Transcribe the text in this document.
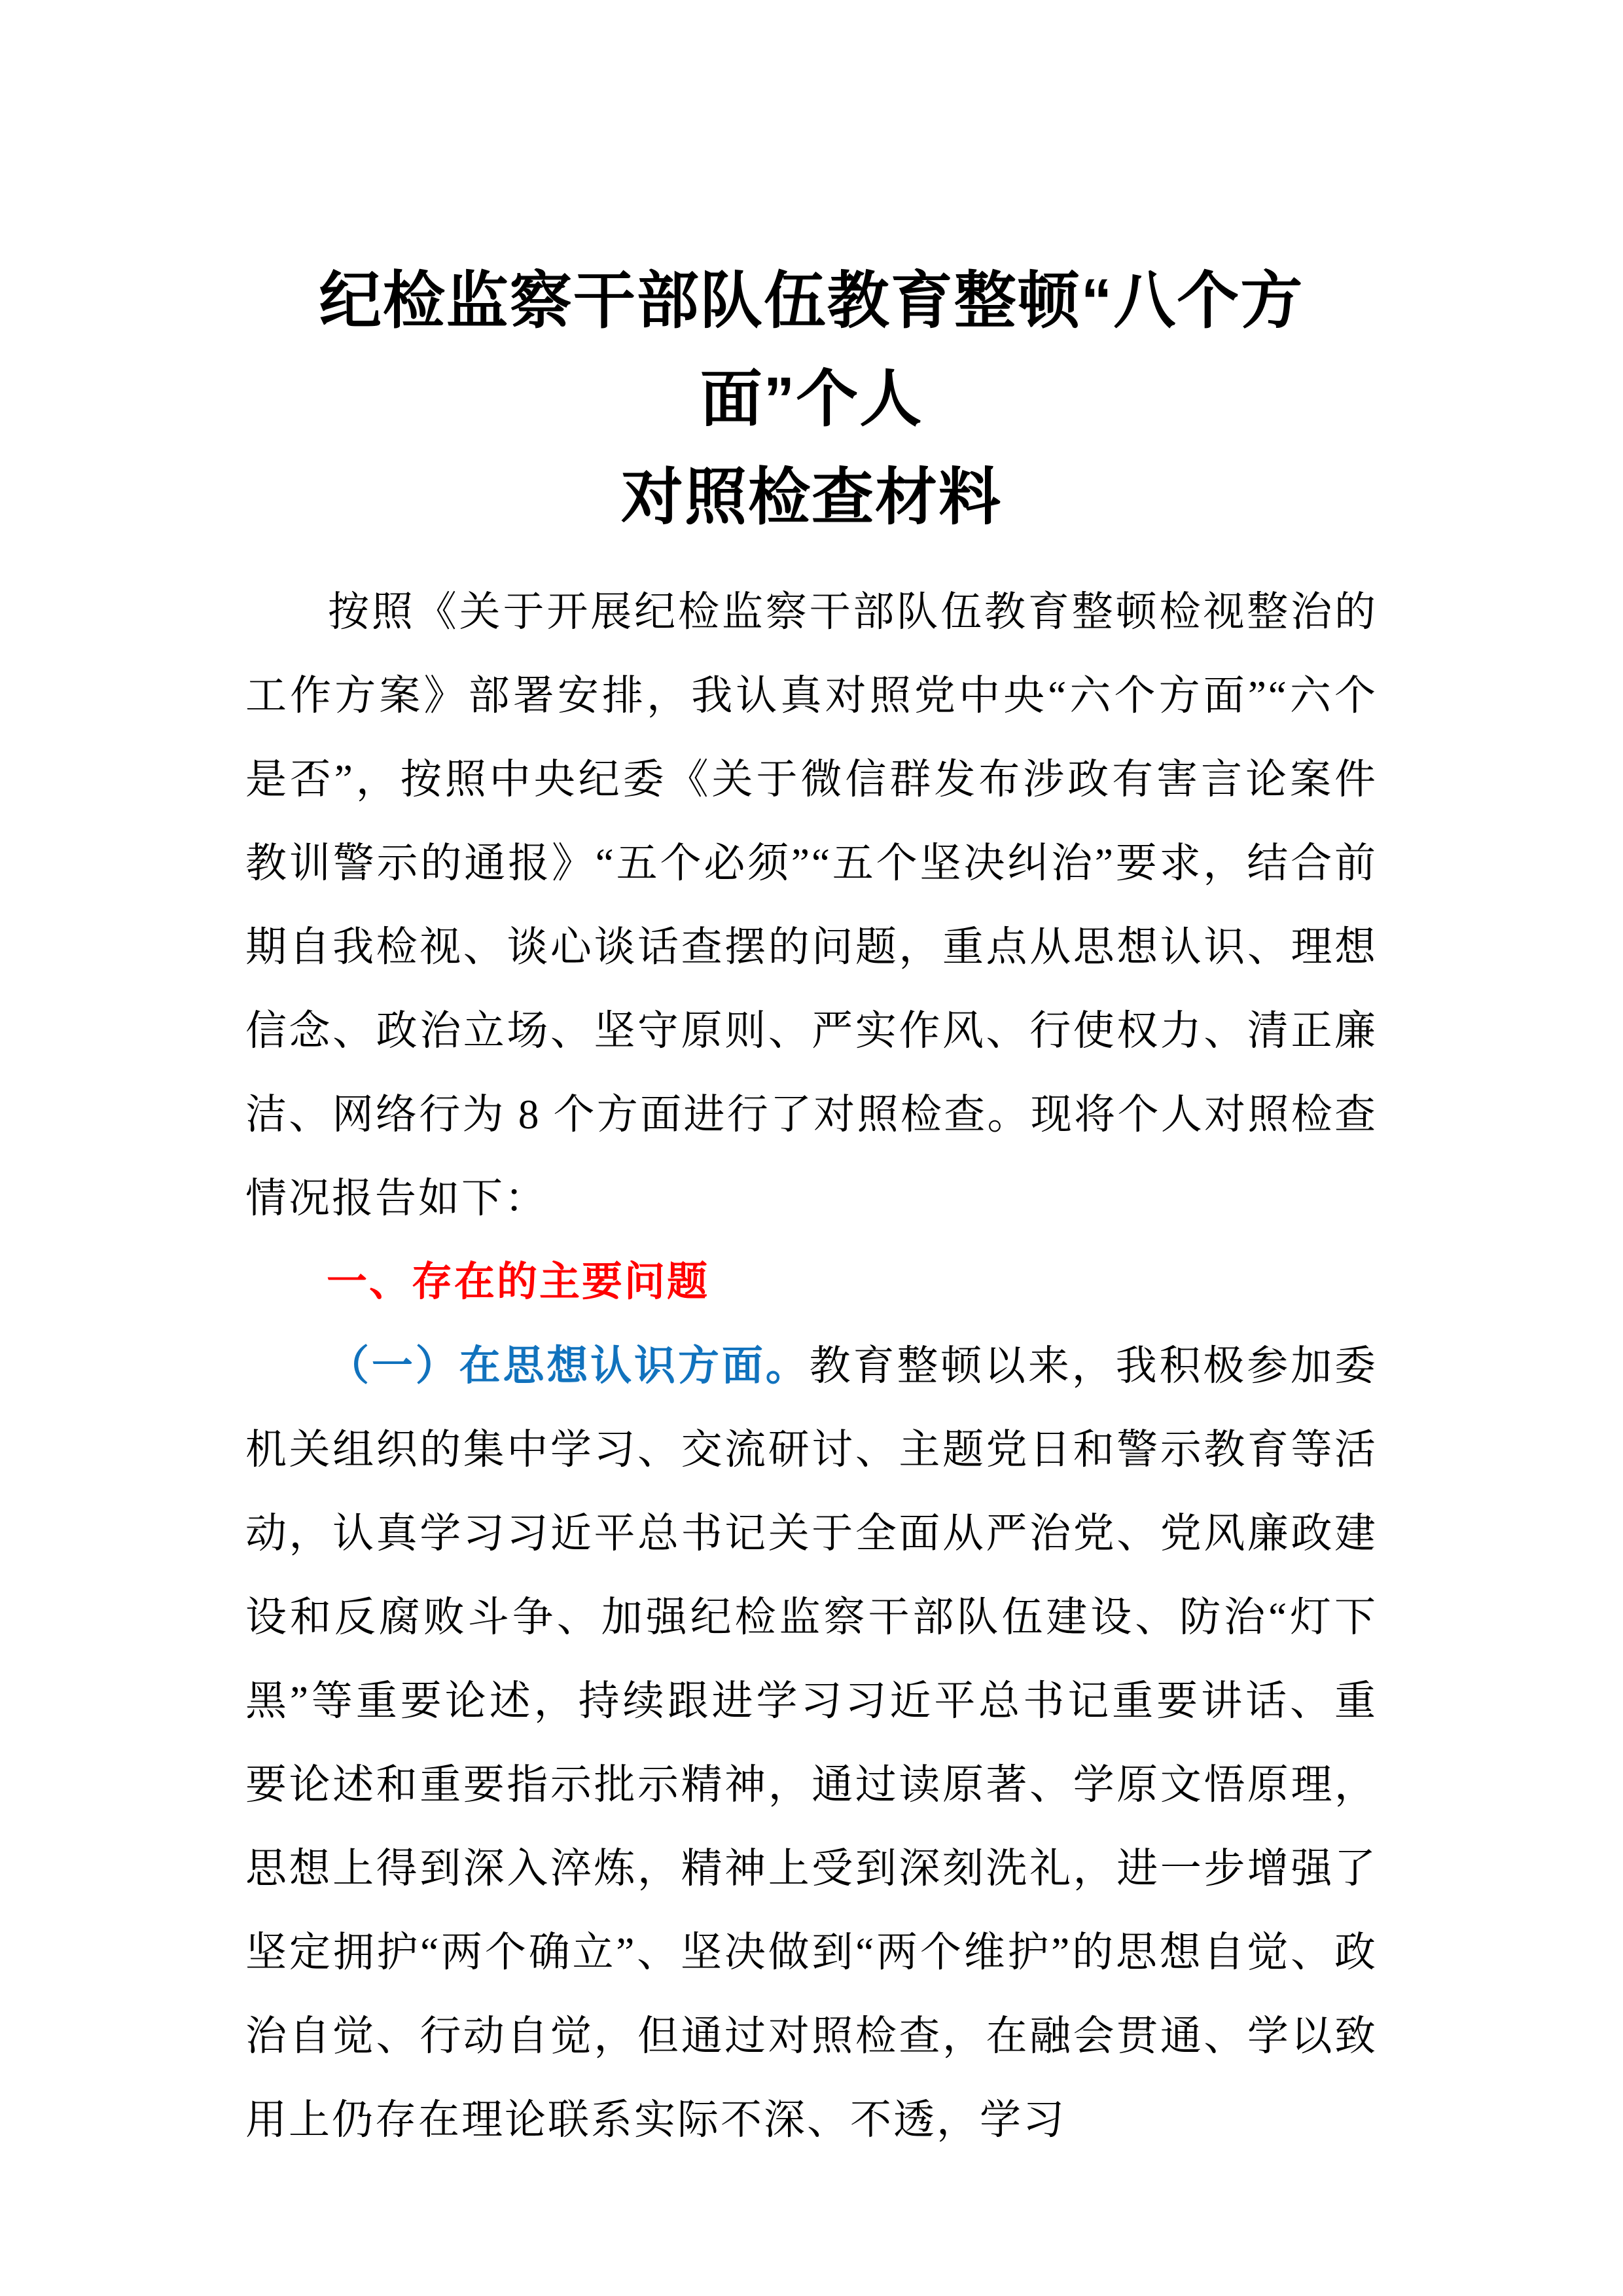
纪检监察干部队伍教育整顿“八个方面”个人
对照检查材料

按照《关于开展纪检监察干部队伍教育整顿检视整治的工作方案》部署安排，我认真对照党中央“六个方面”“六个是否”，按照中央纪委《关于微信群发布涉政有害言论案件教训警示的通报》“五个必须”“五个坚决纠治”要求，结合前期自我检视、谈心谈话查摆的问题，重点从思想认识、理想信念、政治立场、坚守原则、严实作风、行使权力、清正廉洁、网络行为 8 个方面进行了对照检查。现将个人对照检查情况报告如下：

一、存在的主要问题

（一）在思想认识方面。教育整顿以来，我积极参加委机关组织的集中学习、交流研讨、主题党日和警示教育等活动，认真学习习近平总书记关于全面从严治党、党风廉政建设和反腐败斗争、加强纪检监察干部队伍建设、防治“灯下黑”等重要论述，持续跟进学习习近平总书记重要讲话、重要论述和重要指示批示精神，通过读原著、学原文悟原理，思想上得到深入淬炼，精神上受到深刻洗礼，进一步增强了坚定拥护“两个确立”、坚决做到“两个维护”的思想自觉、政治自觉、行动自觉，但通过对照检查，在融会贯通、学以致用上仍存在理论联系实际不深、不透，学习
